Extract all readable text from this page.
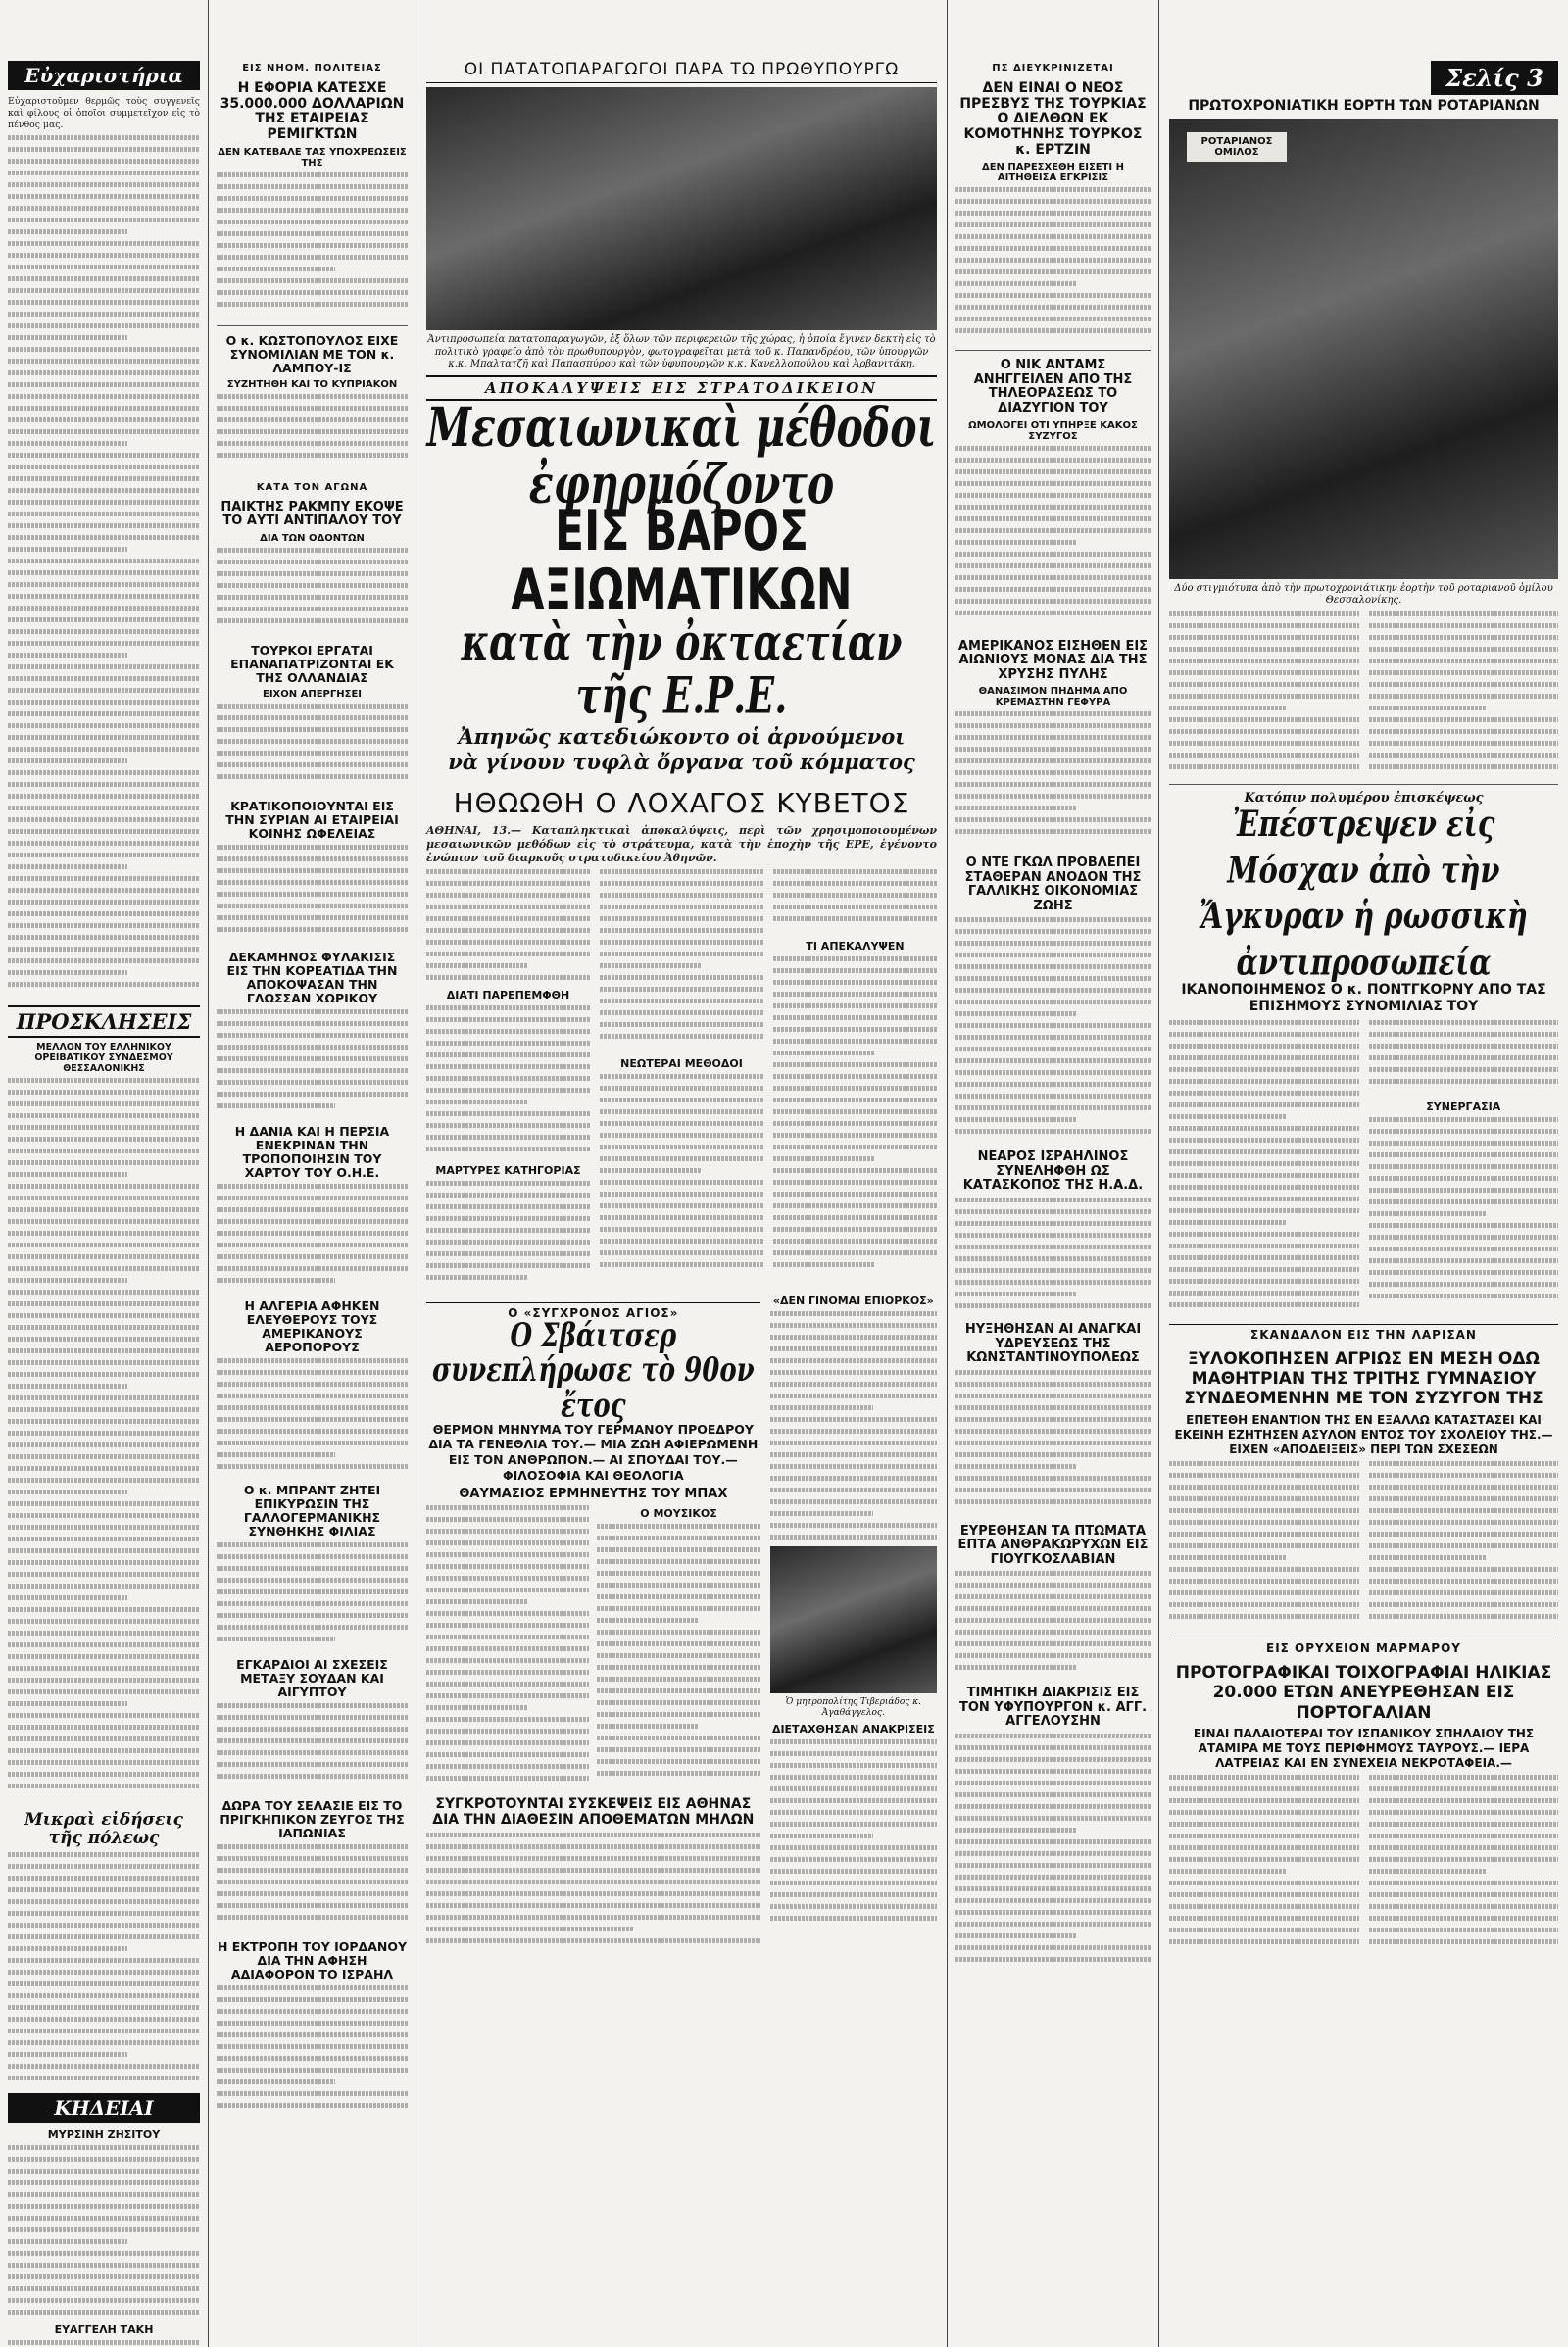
Εὐχαριστήρια

Εὐχαριστοῦμεν θερμῶς τοὺς συγγενεῖς καὶ φίλους οἱ ὁποῖοι συμμετεῖχον εἰς τὸ πένθος μας.

ΠΡΟΣΚΛΗΣΕΙΣ
ΜΕΛΛΟΝ ΤΟΥ ΕΛΛΗΝΙΚΟΥ ΟΡΕΙΒΑΤΙΚΟΥ ΣΥΝΔΕΣΜΟΥ ΘΕΣΣΑΛΟΝΙΚΗΣ
Μικραὶ εἰδήσεις τῆς πόλεως
ΚΗΔΕΙΑΙ
ΜΥΡΣΙΝΗ ΖΗΣΙΤΟΥ
ΕΥΑΓΓΕΛΗ ΤΑΚΗ
ΕΙΣ ΝΗΟΜ. ΠΟΛΙΤΕΙΑΣ
Η ΕΦΟΡΙΑ ΚΑΤΕΣΧΕ 35.000.000 ΔΟΛΛΑΡΙΩΝ ΤΗΣ ΕΤΑΙΡΕΙΑΣ ΡΕΜΙΓΚΤΩΝ
ΔΕΝ ΚΑΤΕΒΑΛΕ ΤΑΣ ΥΠΟΧΡΕΩΣΕΙΣ ΤΗΣ
Ο κ. ΚΩΣΤΟΠΟΥΛΟΣ ΕΙΧΕ ΣΥΝΟΜΙΛΙΑΝ ΜΕ ΤΟΝ κ. ΛΑΜΠΟΥ-ΙΣ
ΣΥΖΗΤΗΘΗ ΚΑΙ ΤΟ ΚΥΠΡΙΑΚΟΝ
ΚΑΤΑ ΤΟΝ ΑΓΩΝΑ
ΠΑΙΚΤΗΣ ΡΑΚΜΠΥ ΕΚΟΨΕ ΤΟ ΑΥΤΙ ΑΝΤΙΠΑΛΟΥ ΤΟΥ
ΔΙΑ ΤΩΝ ΟΔΟΝΤΩΝ
ΤΟΥΡΚΟΙ ΕΡΓΑΤΑΙ ΕΠΑΝΑΠΑΤΡΙΖΟΝΤΑΙ ΕΚ ΤΗΣ ΟΛΛΑΝΔΙΑΣ
ΕΙΧΟΝ ΑΠΕΡΓΗΣΕΙ
ΚΡΑΤΙΚΟΠΟΙΟΥΝΤΑΙ ΕΙΣ ΤΗΝ ΣΥΡΙΑΝ ΑΙ ΕΤΑΙΡΕΙΑΙ ΚΟΙΝΗΣ ΩΦΕΛΕΙΑΣ
ΔΕΚΑΜΗΝΟΣ ΦΥΛΑΚΙΣΙΣ ΕΙΣ ΤΗΝ ΚΟΡΕΑΤΙΔΑ ΤΗΝ ΑΠΟΚΟΨΑΣΑΝ ΤΗΝ ΓΛΩΣΣΑΝ ΧΩΡΙΚΟΥ
Η ΔΑΝΙΑ ΚΑΙ Η ΠΕΡΣΙΑ ΕΝΕΚΡΙΝΑΝ ΤΗΝ ΤΡΟΠΟΠΟΙΗΣΙΝ ΤΟΥ ΧΑΡΤΟΥ ΤΟΥ Ο.Η.Ε.
Η ΑΛΓΕΡΙΑ ΑΦΗΚΕΝ ΕΛΕΥΘΕΡΟΥΣ ΤΟΥΣ ΑΜΕΡΙΚΑΝΟΥΣ ΑΕΡΟΠΟΡΟΥΣ
Ο κ. ΜΠΡΑΝΤ ΖΗΤΕΙ ΕΠΙΚΥΡΩΣΙΝ ΤΗΣ ΓΑΛΛΟΓΕΡΜΑΝΙΚΗΣ ΣΥΝΘΗΚΗΣ ΦΙΛΙΑΣ
ΕΓΚΑΡΔΙΟΙ ΑΙ ΣΧΕΣΕΙΣ ΜΕΤΑΞΥ ΣΟΥΔΑΝ ΚΑΙ ΑΙΓΥΠΤΟΥ
ΔΩΡΑ ΤΟΥ ΣΕΛΑΣΙΕ ΕΙΣ ΤΟ ΠΡΙΓΚΗΠΙΚΟΝ ΖΕΥΓΟΣ ΤΗΣ ΙΑΠΩΝΙΑΣ
Η ΕΚΤΡΟΠΗ ΤΟΥ ΙΟΡΔΑΝΟΥ ΔΙΑ ΤΗΝ ΑΦΗΣΗ ΑΔΙΑΦΟΡΟΝ ΤΟ ΙΣΡΑΗΛ
ΟΙ ΠΑΤΑΤΟΠΑΡΑΓΩΓΟΙ ΠΑΡΑ ΤΩ ΠΡΩΘΥΠΟΥΡΓΩ

Ἀντιπροσωπεία πατατοπαραγωγῶν, ἐξ ὅλων τῶν περιφερειῶν τῆς χώρας, ἡ ὁποία ἔγινεν δεκτὴ εἰς τὸ πολιτικὸ γραφεῖο ἀπὸ τὸν πρωθυπουργὸν, φωτογραφεῖται μετὰ τοῦ κ. Παπανδρέου, τῶν ὑπουργῶν κ.κ. Μπαλτατζῆ καὶ Παπασπύρου καὶ τῶν ὑφυπουργῶν κ.κ. Κανελλοπούλου καὶ Ἀρβανιτάκη.

ΑΠΟΚΑΛΥΨΕΙΣ ΕΙΣ ΣΤΡΑΤΟΔΙΚΕΙΟΝ
Μεσαιωνικαὶ μέθοδοι ἐφηρμόζοντο
ΕΙΣ ΒΑΡΟΣ ΑΞΙΩΜΑΤΙΚΩΝ
κατὰ τὴν ὀκταετίαν τῆς Ε.Ρ.Ε.
Ἀπηνῶς κατεδιώκοντο οἱ ἀρνούμενοι νὰ γίνουν τυφλὰ ὄργανα τοῦ κόμματος
ΗΘΩΩΘΗ Ο ΛΟΧΑΓΟΣ ΚΥΒΕΤΟΣ

ΑΘΗΝΑΙ, 13.— Καταπληκτικαὶ ἀποκαλύψεις, περὶ τῶν χρησιμοποιουμένων μεσαιωνικῶν μεθόδων εἰς τὸ στράτευμα, κατὰ τὴν ἐποχὴν τῆς ΕΡΕ, ἐγένοντο ἐνώπιον τοῦ διαρκοῦς στρατοδικείου Ἀθηνῶν.

ΔΙΑΤΙ ΠΑΡΕΠΕΜΦΘΗ
ΜΑΡΤΥΡΕΣ ΚΑΤΗΓΟΡΙΑΣ
ΝΕΩΤΕΡΑΙ ΜΕΘΟΔΟΙ
ΤΙ ΑΠΕΚΑΛΥΨΕΝ
Ο «ΣΥΓΧΡΟΝΟΣ ΑΓΙΟΣ»
Ο Σβάιτσερ συνεπλήρωσε τὸ 90ον ἔτος
ΘΕΡΜΟΝ ΜΗΝΥΜΑ ΤΟΥ ΓΕΡΜΑΝΟΥ ΠΡΟΕΔΡΟΥ ΔΙΑ ΤΑ ΓΕΝΕΘΛΙΑ ΤΟΥ.— ΜΙΑ ΖΩΗ ΑΦΙΕΡΩΜΕΝΗ ΕΙΣ ΤΟΝ ΑΝΘΡΩΠΟΝ.— ΑΙ ΣΠΟΥΔΑΙ ΤΟΥ.—ΦΙΛΟΣΟΦΙΑ ΚΑΙ ΘΕΟΛΟΓΙΑ
ΘΑΥΜΑΣΙΟΣ ΕΡΜΗΝΕΥΤΗΣ ΤΟΥ ΜΠΑΧ
Ο ΜΟΥΣΙΚΟΣ
ΣΥΓΚΡΟΤΟΥΝΤΑΙ ΣΥΣΚΕΨΕΙΣ ΕΙΣ ΑΘΗΝΑΣ ΔΙΑ ΤΗΝ ΔΙΑΘΕΣΙΝ ΑΠΟΘΕΜΑΤΩΝ ΜΗΛΩΝ
«ΔΕΝ ΓΙΝΟΜΑΙ ΕΠΙΟΡΚΟΣ»

Ὁ μητροπολίτης Τιβεριάδος κ. Ἀγαθάγγελος.

ΔΙΕΤΑΧΘΗΣΑΝ ΑΝΑΚΡΙΣΕΙΣ
ΠΣ ΔΙΕΥΚΡΙΝΙΖΕΤΑΙ
ΔΕΝ ΕΙΝΑΙ Ο ΝΕΟΣ ΠΡΕΣΒΥΣ ΤΗΣ ΤΟΥΡΚΙΑΣ Ο ΔΙΕΛΘΩΝ ΕΚ ΚΟΜΟΤΗΝΗΣ ΤΟΥΡΚΟΣ κ. ΕΡΤΖΙΝ
ΔΕΝ ΠΑΡΕΣΧΕΘΗ ΕΙΣΕΤΙ Η ΑΙΤΗΘΕΙΣΑ ΕΓΚΡΙΣΙΣ
Ο ΝΙΚ ΑΝΤΑΜΣ ΑΝΗΓΓΕΙΛΕΝ ΑΠΟ ΤΗΣ ΤΗΛΕΟΡΑΣΕΩΣ ΤΟ ΔΙΑΖΥΓΙΟΝ ΤΟΥ
ΩΜΟΛΟΓΕΙ ΟΤΙ ΥΠΗΡΞΕ ΚΑΚΟΣ ΣΥΖΥΓΟΣ
ΑΜΕΡΙΚΑΝΟΣ ΕΙΣΗΘΕΝ ΕΙΣ ΑΙΩΝΙΟΥΣ ΜΟΝΑΣ ΔΙΑ ΤΗΣ ΧΡΥΣΗΣ ΠΥΛΗΣ
ΘΑΝΑΣΙΜΟΝ ΠΗΔΗΜΑ ΑΠΟ ΚΡΕΜΑΣΤΗΝ ΓΕΦΥΡΑ
Ο ΝΤΕ ΓΚΩΛ ΠΡΟΒΛΕΠΕΙ ΣΤΑΘΕΡΑΝ ΑΝΟΔΟΝ ΤΗΣ ΓΑΛΛΙΚΗΣ ΟΙΚΟΝΟΜΙΑΣ ΖΩΗΣ
ΝΕΑΡΟΣ ΙΣΡΑΗΛΙΝΟΣ ΣΥΝΕΛΗΦΘΗ ΩΣ ΚΑΤΑΣΚΟΠΟΣ ΤΗΣ Η.Α.Δ.
ΗΥΞΗΘΗΣΑΝ ΑΙ ΑΝΑΓΚΑΙ ΥΔΡΕΥΣΕΩΣ ΤΗΣ ΚΩΝΣΤΑΝΤΙΝΟΥΠΟΛΕΩΣ
ΕΥΡΕΘΗΣΑΝ ΤΑ ΠΤΩΜΑΤΑ ΕΠΤΑ ΑΝΘΡΑΚΩΡΥΧΩΝ ΕΙΣ ΓΙΟΥΓΚΟΣΛΑΒΙΑΝ
ΤΙΜΗΤΙΚΗ ΔΙΑΚΡΙΣΙΣ ΕΙΣ ΤΟΝ ΥΦΥΠΟΥΡΓΟΝ κ. ΑΓΓ. ΑΓΓΕΛΟΥΣΗΝ
Σελίς 3
ΠΡΩΤΟΧΡΟΝΙΑΤΙΚΗ ΕΟΡΤΗ ΤΩΝ ΡΟΤΑΡΙΑΝΩΝ
ΡΟΤΑΡΙΑΝΟΣ ΟΜΙΛΟΣ

Δύο στιγμιότυπα ἀπὸ τὴν πρωτοχρονιάτικην ἑορτὴν τοῦ ροταριανοῦ ὁμίλου Θεσσαλονίκης.

Κατόπιν πολυμέρου ἐπισκέψεως
Ἐπέστρεψεν εἰς Μόσχαν ἀπὸ τὴν Ἄγκυραν ἡ ρωσσικὴ ἀντιπροσωπεία
ΙΚΑΝΟΠΟΙΗΜΕΝΟΣ Ο κ. ΠΟΝΤΓΚΟΡΝΥ ΑΠΟ ΤΑΣ ΕΠΙΣΗΜΟΥΣ ΣΥΝΟΜΙΛΙΑΣ ΤΟΥ
ΣΥΝΕΡΓΑΣΙΑ
ΣΚΑΝΔΑΛΟΝ ΕΙΣ ΤΗΝ ΛΑΡΙΣΑΝ
ΞΥΛΟΚΟΠΗΣΕΝ ΑΓΡΙΩΣ ΕΝ ΜΕΣΗ ΟΔΩ ΜΑΘΗΤΡΙΑΝ ΤΗΣ ΤΡΙΤΗΣ ΓΥΜΝΑΣΙΟΥ ΣΥΝΔΕΟΜΕΝΗΝ ΜΕ ΤΟΝ ΣΥΖΥΓΟΝ ΤΗΣ
ΕΠΕΤΕΘΗ ΕΝΑΝΤΙΟΝ ΤΗΣ ΕΝ ΕΞΑΛΛΩ ΚΑΤΑΣΤΑΣΕΙ ΚΑΙ ΕΚΕΙΝΗ ΕΖΗΤΗΣΕΝ ΑΣΥΛΟΝ ΕΝΤΟΣ ΤΟΥ ΣΧΟΛΕΙΟΥ ΤΗΣ.— ΕΙΧΕΝ «ΑΠΟΔΕΙΞΕΙΣ» ΠΕΡΙ ΤΩΝ ΣΧΕΣΕΩΝ
ΕΙΣ ΟΡΥΧΕΙΟΝ ΜΑΡΜΑΡΟΥ
ΠΡΟΤΟΓΡΑΦΙΚΑΙ ΤΟΙΧΟΓΡΑΦΙΑΙ ΗΛΙΚΙΑΣ 20.000 ΕΤΩΝ ΑΝΕΥΡΕΘΗΣΑΝ ΕΙΣ ΠΟΡΤΟΓΑΛΙΑΝ
ΕΙΝΑΙ ΠΑΛΑΙΟΤΕΡΑΙ ΤΟΥ ΙΣΠΑΝΙΚΟΥ ΣΠΗΛΑΙΟΥ ΤΗΣ ΑΤΑΜΙΡΑ ΜΕ ΤΟΥΣ ΠΕΡΙΦΗΜΟΥΣ ΤΑΥΡΟΥΣ.— ΙΕΡΑ ΛΑΤΡΕΙΑΣ ΚΑΙ ΕΝ ΣΥΝΕΧΕΙΑ ΝΕΚΡΟΤΑΦΕΙΑ.—
